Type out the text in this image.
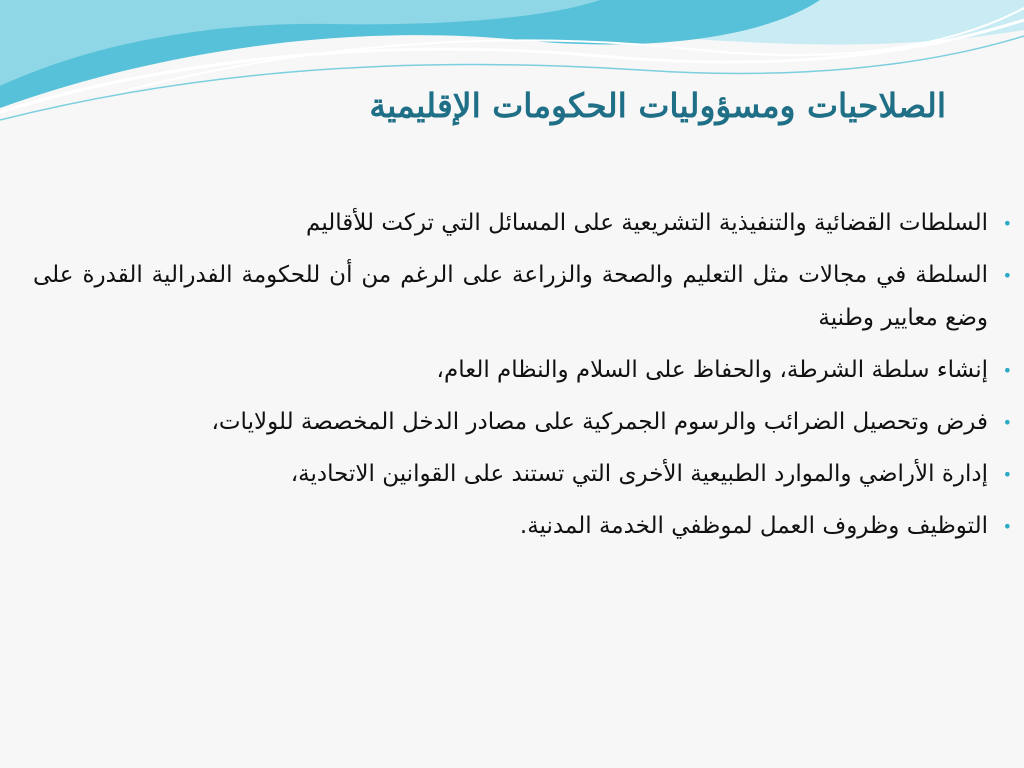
الصلاحيات ومسؤوليات الحكومات الإقليمية
•
السلطات القضائية والتنفيذية التشريعية على المسائل التي تركت للأقاليم
•
السلطة في مجالات مثل التعليم والصحة والزراعة على الرغم من أن للحكومة الفدرالية القدرة على وضع معايير وطنية
•
إنشاء سلطة الشرطة، والحفاظ على السلام والنظام العام،
•
فرض وتحصيل الضرائب والرسوم الجمركية على مصادر الدخل المخصصة للولايات،
•
إدارة الأراضي والموارد الطبيعية الأخرى التي تستند على القوانين الاتحادية،
•
التوظيف وظروف العمل لموظفي الخدمة المدنية.
